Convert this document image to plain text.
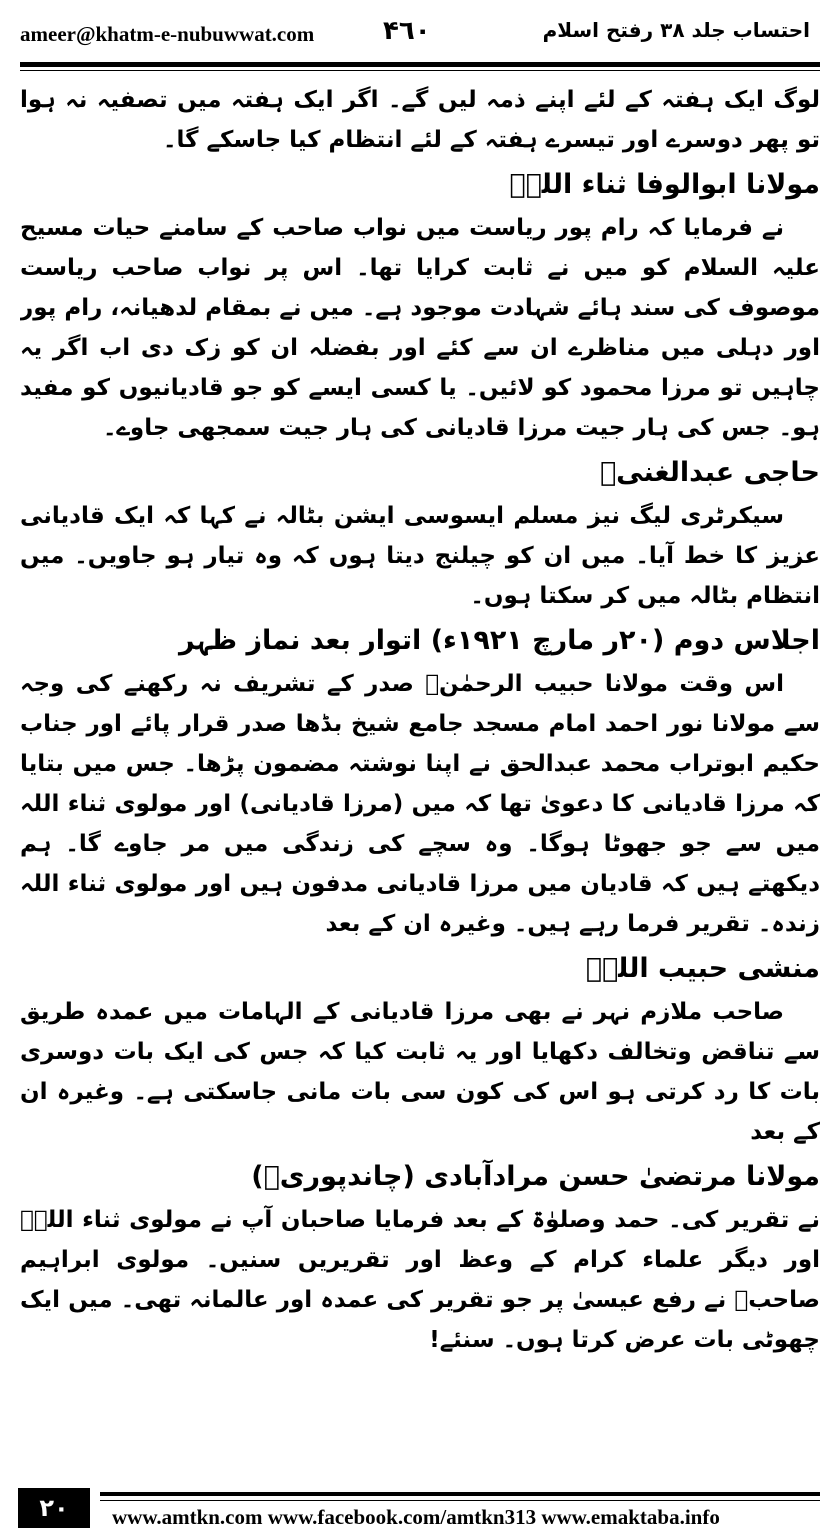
ameer@khatm-e-nubuwwat.com	۴٦٠	احتساب جلد ۳۸ رفتح اسلام

لوگ ایک ہفتہ کے لئے اپنے ذمہ لیں گے۔ اگر ایک ہفتہ میں تصفیہ نہ ہوا تو پھر دوسرے اور تیسرے ہفتہ کے لئے انتظام کیا جاسکے گا۔

مولانا ابوالوفا ثناء اللہؒ

نے فرمایا کہ رام پور ریاست میں نواب صاحب کے سامنے حیات مسیح علیہ السلام کو میں نے ثابت کرایا تھا۔ اس پر نواب صاحب ریاست موصوف کی سند ہائے شہادت موجود ہے۔ میں نے بمقام لدھیانہ، رام پور اور دہلی میں مناظرے ان سے کئے اور بفضلہ ان کو زک دی اب اگر یہ چاہیں تو مرزا محمود کو لائیں۔ یا کسی ایسے کو جو قادیانیوں کو مفید ہو۔ جس کی ہار جیت مرزا قادیانی کی ہار جیت سمجھی جاوے۔

حاجی عبدالغنیؒ

سیکرٹری لیگ نیز مسلم ایسوسی ایشن بٹالہ نے کہا کہ ایک قادیانی عزیز کا خط آیا۔ میں ان کو چیلنج دیتا ہوں کہ وہ تیار ہو جاویں۔ میں انتظام بٹالہ میں کر سکتا ہوں۔

اجلاس دوم (۲۰ر مارچ ۱۹۲۱ء) اتوار بعد نماز ظہر

اس وقت مولانا حبیب الرحمٰنؒ صدر کے تشریف نہ رکھنے کی وجہ سے مولانا نور احمد امام مسجد جامع شیخ بڈھا صدر قرار پائے اور جناب حکیم ابوتراب محمد عبدالحق نے اپنا نوشتہ مضمون پڑھا۔ جس میں بتایا کہ مرزا قادیانی کا دعویٰ تھا کہ میں (مرزا قادیانی) اور مولوی ثناء اللہ میں سے جو جھوٹا ہوگا۔ وہ سچے کی زندگی میں مر جاوے گا۔ ہم دیکھتے ہیں کہ قادیان میں مرزا قادیانی مدفون ہیں اور مولوی ثناء اللہ زندہ۔ تقریر فرما رہے ہیں۔ وغیرہ ان کے بعد

منشی حبیب اللہؒ

صاحب ملازم نہر نے بھی مرزا قادیانی کے الہامات میں عمدہ طریق سے تناقض وتخالف دکھایا اور یہ ثابت کیا کہ جس کی ایک بات دوسری بات کا رد کرتی ہو اس کی کون سی بات مانی جاسکتی ہے۔ وغیرہ ان کے بعد

مولانا مرتضیٰ حسن مرادآبادی (چاندپوریؒ)

نے تقریر کی۔ حمد وصلوٰۃ کے بعد فرمایا صاحبان آپ نے مولوی ثناء اللہؒ اور دیگر علماء کرام کے وعظ اور تقریریں سنیں۔ مولوی ابراہیم صاحبؒ نے رفع عیسیٰ پر جو تقریر کی عمدہ اور عالمانہ تھی۔ میں ایک چھوٹی بات عرض کرتا ہوں۔ سنئے!

۲۰	www.amtkn.com www.facebook.com/amtkn313 www.emaktaba.info
